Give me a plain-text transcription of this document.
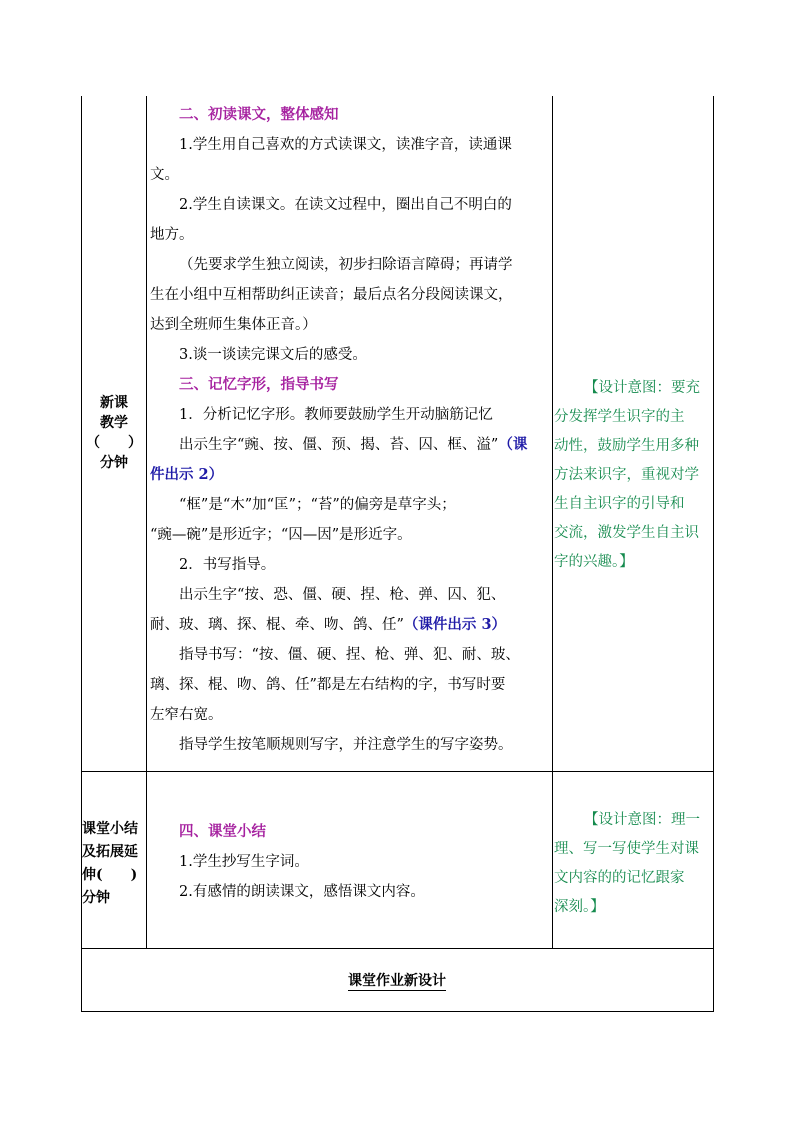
新课
教学
（　　）
分钟

二、初读课文，整体感知

1.学生用自己喜欢的方式读课文，读准字音，读通课

文。

2.学生自读课文。在读文过程中，圈出自己不明白的

地方。

（先要求学生独立阅读，初步扫除语言障碍；再请学

生在小组中互相帮助纠正读音；最后点名分段阅读课文，

达到全班师生集体正音。）

3.谈一谈读完课文后的感受。

三、记忆字形，指导书写

1．分析记忆字形。教师要鼓励学生开动脑筋记忆

出示生字“豌、按、僵、预、揭、苔、囚、框、溢”（课

件出示 2）

“框”是“木”加“匡”；“苔”的偏旁是草字头；

“豌—碗”是形近字；“囚—因”是形近字。

2．书写指导。

出示生字“按、恐、僵、硬、捏、枪、弹、囚、犯、

耐、玻、璃、探、棍、牵、吻、鸽、任”（课件出示 3）

指导书写：“按、僵、硬、捏、枪、弹、犯、耐、玻、

璃、探、棍、吻、鸽、任”都是左右结构的字，书写时要

左窄右宽。

指导学生按笔顺规则写字，并注意学生的写字姿势。

【设计意图：要充

分发挥学生识字的主

动性，鼓励学生用多种

方法来识字，重视对学

生自主识字的引导和

交流，激发学生自主识

字的兴趣。】

课堂小结
及拓展延
伸(　　)
分钟

四、课堂小结

1.学生抄写生字词。

2.有感情的朗读课文，感悟课文内容。

【设计意图：理一

理、写一写使学生对课

文内容的的记忆跟家

深刻。】

课堂作业新设计
